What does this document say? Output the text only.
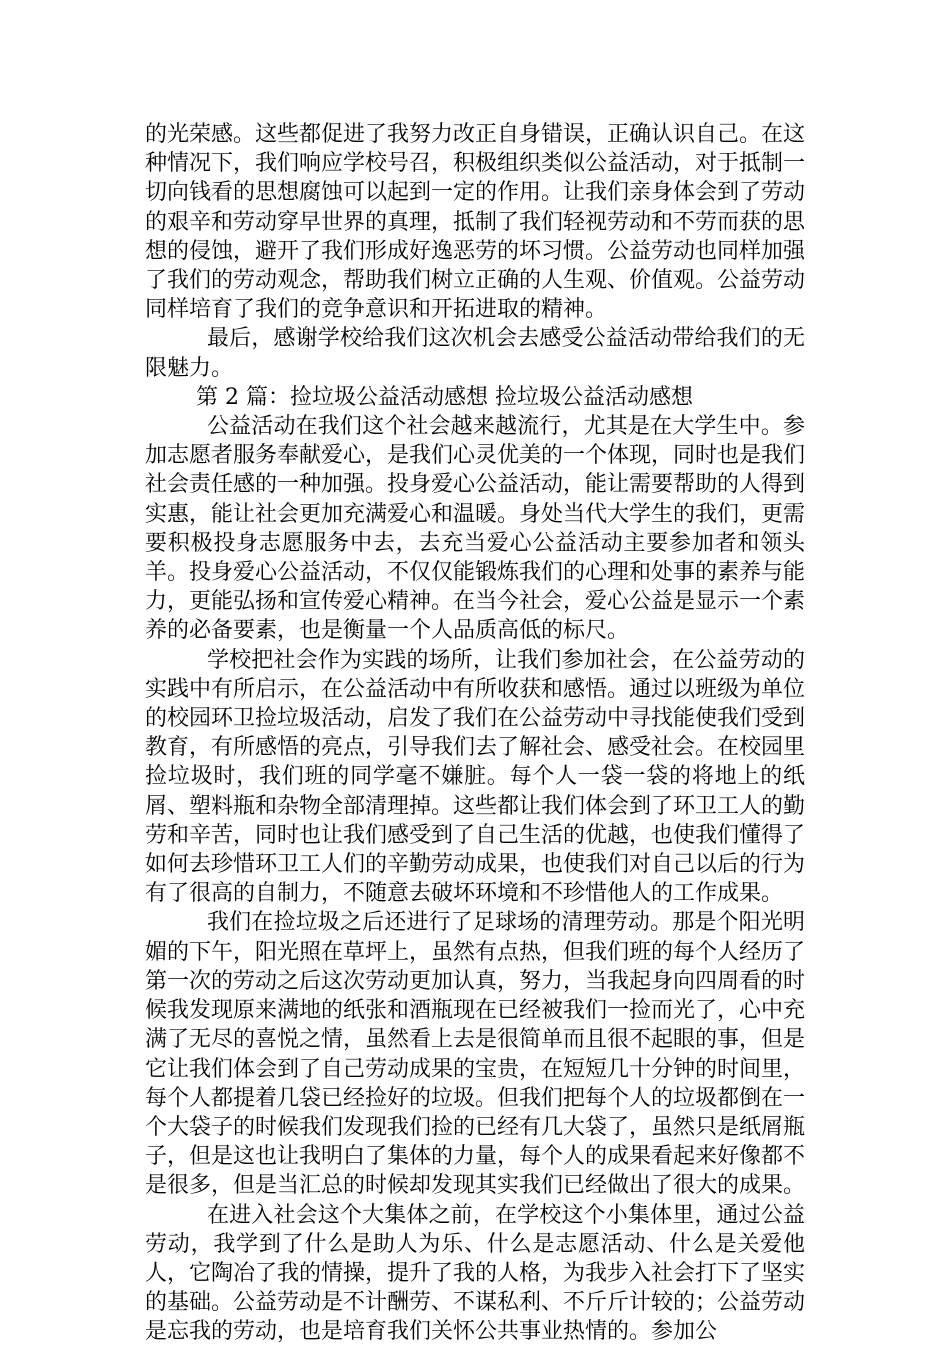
的光荣感。这些都促进了我努力改正自身错误，正确认识自己。在这种情况下，我们响应学校号召，积极组织类似公益活动，对于抵制一切向钱看的思想腐蚀可以起到一定的作用。让我们亲身体会到了劳动的艰辛和劳动穿早世界的真理，抵制了我们轻视劳动和不劳而获的思想的侵蚀，避开了我们形成好逸恶劳的坏习惯。公益劳动也同样加强了我们的劳动观念，帮助我们树立正确的人生观、价值观。公益劳动同样培育了我们的竞争意识和开拓进取的精神。

最后，感谢学校给我们这次机会去感受公益活动带给我们的无限魅力。

第 2 篇：捡垃圾公益活动感想 捡垃圾公益活动感想

公益活动在我们这个社会越来越流行，尤其是在大学生中。参加志愿者服务奉献爱心，是我们心灵优美的一个体现，同时也是我们社会责任感的一种加强。投身爱心公益活动，能让需要帮助的人得到实惠，能让社会更加充满爱心和温暖。身处当代大学生的我们，更需要积极投身志愿服务中去，去充当爱心公益活动主要参加者和领头羊。投身爱心公益活动，不仅仅能锻炼我们的心理和处事的素养与能力，更能弘扬和宣传爱心精神。在当今社会，爱心公益是显示一个素养的必备要素，也是衡量一个人品质高低的标尺。

学校把社会作为实践的场所，让我们参加社会，在公益劳动的实践中有所启示，在公益活动中有所收获和感悟。通过以班级为单位的校园环卫捡垃圾活动，启发了我们在公益劳动中寻找能使我们受到教育，有所感悟的亮点，引导我们去了解社会、感受社会。在校园里捡垃圾时，我们班的同学毫不嫌脏。每个人一袋一袋的将地上的纸屑、塑料瓶和杂物全部清理掉。这些都让我们体会到了环卫工人的勤劳和辛苦，同时也让我们感受到了自己生活的优越，也使我们懂得了如何去珍惜环卫工人们的辛勤劳动成果，也使我们对自己以后的行为有了很高的自制力，不随意去破坏环境和不珍惜他人的工作成果。

我们在捡垃圾之后还进行了足球场的清理劳动。那是个阳光明媚的下午，阳光照在草坪上，虽然有点热，但我们班的每个人经历了第一次的劳动之后这次劳动更加认真，努力，当我起身向四周看的时候我发现原来满地的纸张和酒瓶现在已经被我们一捡而光了，心中充满了无尽的喜悦之情，虽然看上去是很简单而且很不起眼的事，但是它让我们体会到了自己劳动成果的宝贵，在短短几十分钟的时间里，每个人都提着几袋已经捡好的垃圾。但我们把每个人的垃圾都倒在一个大袋子的时候我们发现我们捡的已经有几大袋了，虽然只是纸屑瓶子，但是这也让我明白了集体的力量，每个人的成果看起来好像都不是很多，但是当汇总的时候却发现其实我们已经做出了很大的成果。

在进入社会这个大集体之前，在学校这个小集体里，通过公益劳动，我学到了什么是助人为乐、什么是志愿活动、什么是关爱他人，它陶冶了我的情操，提升了我的人格，为我步入社会打下了坚实的基础。公益劳动是不计酬劳、不谋私利、不斤斤计较的；公益劳动是忘我的劳动，也是培育我们关怀公共事业热情的。参加公
